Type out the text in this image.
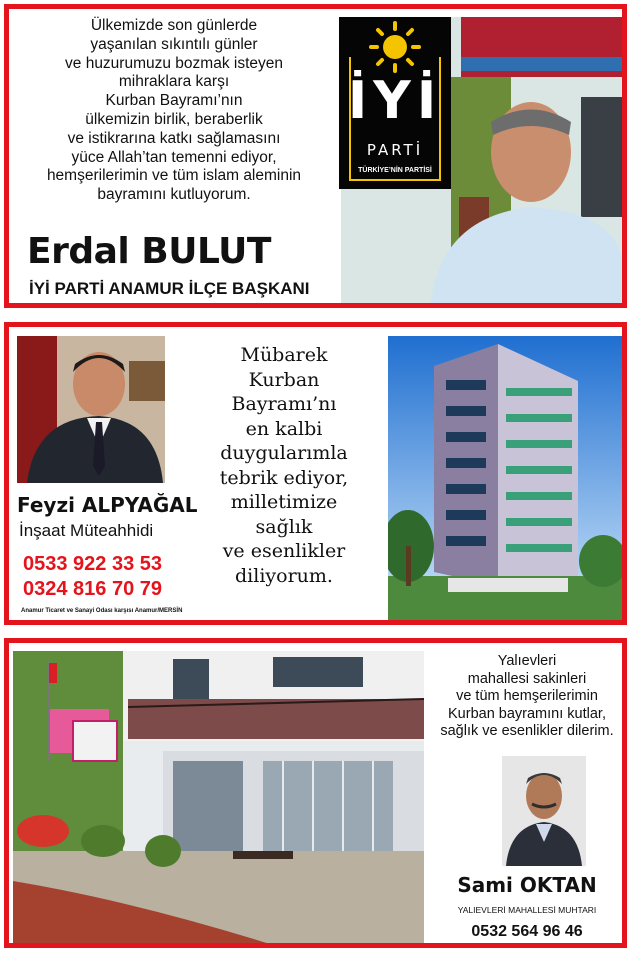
Ülkemizde son günlerde
yaşanılan sıkıntılı günler
ve huzurumuzu bozmak isteyen
mihraklara karşı
Kurban Bayramı’nın
ülkemizin birlik, beraberlik
ve istikrarına katkı sağlamasını
yüce Allah’tan temenni ediyor,
hemşerilerimin ve tüm islam aleminin
bayramını kutluyorum.
Erdal BULUT
İYİ PARTİ ANAMUR İLÇE BAŞKANI
İYİ
PARTİ
TÜRKİYE’NİN PARTİSİ
Feyzi ALPYAĞAL
İnşaat Müteahhidi
0533 922 33 53
0324 816 70 79
Anamur Ticaret ve Sanayi Odası karşısı Anamur/MERSİN
Mübarek
Kurban
Bayramı’nı
en kalbi
duygularımla
tebrik ediyor,
milletimize
sağlık
ve esenlikler
diliyorum.
Yalıevleri
mahallesi sakinleri
ve tüm hemşerilerimin
Kurban bayramını kutlar,
sağlık ve esenlikler dilerim.
Sami OKTAN
YALIEVLERİ MAHALLESİ MUHTARI
0532 564 96 46
